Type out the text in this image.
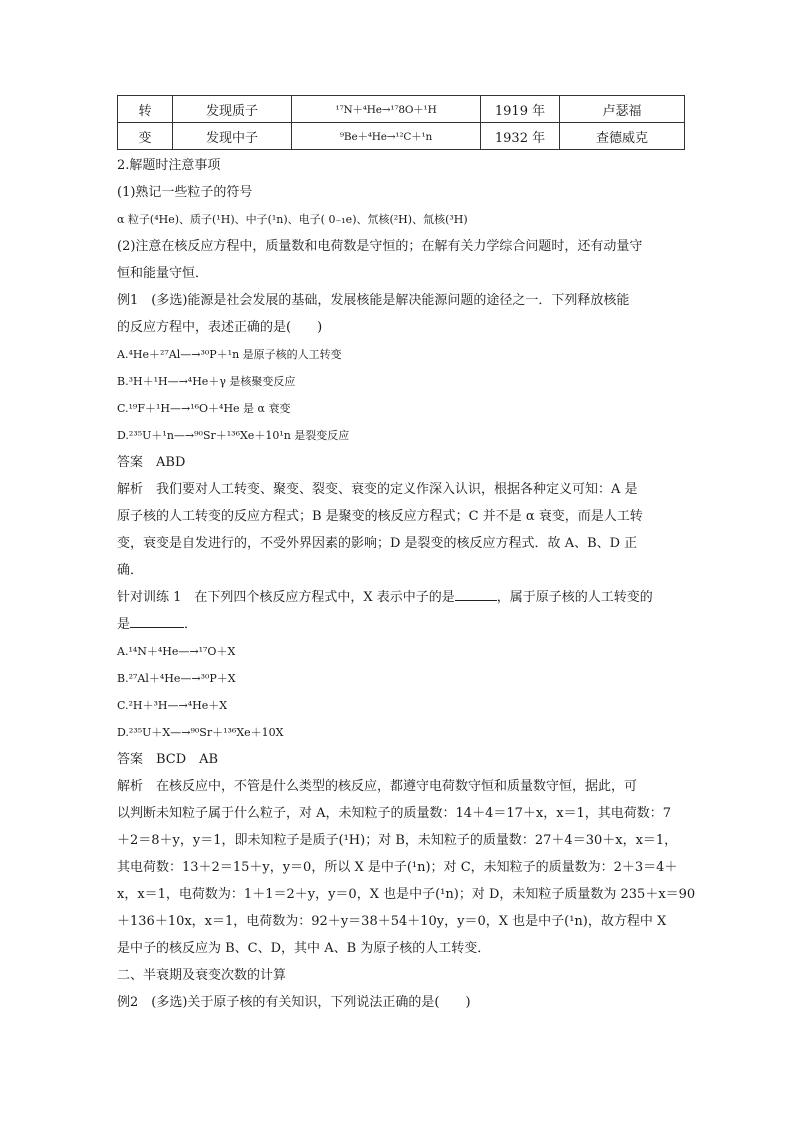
转	发现质子	¹⁷N＋⁴He→¹⁷8O＋¹H	1919 年	卢瑟福
变	发现中子	⁹Be＋⁴He→¹²C＋¹n	1932 年	查德威克

2.解题时注意事项

(1)熟记一些粒子的符号

α 粒子(⁴He)、质子(¹H)、中子(¹n)、电子( 0₋₁e)、氘核(²H)、氚核(³H)

(2)注意在核反应方程中，质量数和电荷数是守恒的；在解有关力学综合问题时，还有动量守

恒和能量守恒．

例1　(多选)能源是社会发展的基础，发展核能是解决能源问题的途径之一．下列释放核能

的反应方程中，表述正确的是(　　)

A.⁴He＋²⁷Al—→³⁰P＋¹n 是原子核的人工转变

B.³H＋¹H—→⁴He＋γ 是核聚变反应

C.¹⁹F＋¹H—→¹⁶O＋⁴He 是 α 衰变

D.²³⁵U＋¹n—→⁹⁰Sr＋¹³⁶Xe＋10¹n 是裂变反应

答案　ABD

解析　我们要对人工转变、聚变、裂变、衰变的定义作深入认识，根据各种定义可知：A 是

原子核的人工转变的反应方程式；B 是聚变的核反应方程式；C 并不是 α 衰变，而是人工转

变，衰变是自发进行的，不受外界因素的影响；D 是裂变的核反应方程式．故 A、B、D 正

确．

针对训练 1　在下列四个核反应方程式中，X 表示中子的是	，属于原子核的人工转变的

是	．

A.¹⁴N＋⁴He—→¹⁷O＋X

B.²⁷Al＋⁴He—→³⁰P＋X

C.²H＋³H—→⁴He＋X

D.²³⁵U＋X—→⁹⁰Sr＋¹³⁶Xe＋10X

答案　BCD　AB

解析　在核反应中，不管是什么类型的核反应，都遵守电荷数守恒和质量数守恒，据此，可

以判断未知粒子属于什么粒子，对 A，未知粒子的质量数：14＋4＝17＋x，x＝1，其电荷数：7

＋2＝8＋y，y＝1，即未知粒子是质子(¹H)；对 B，未知粒子的质量数：27＋4＝30＋x，x＝1，

其电荷数：13＋2＝15＋y，y＝0，所以 X 是中子(¹n)；对 C，未知粒子的质量数为：2＋3＝4＋

x，x＝1，电荷数为：1＋1＝2＋y，y＝0，X 也是中子(¹n)；对 D，未知粒子质量数为 235＋x＝90

＋136＋10x，x＝1，电荷数为：92＋y＝38＋54＋10y，y＝0，X 也是中子(¹n)，故方程中 X

是中子的核反应为 B、C、D，其中 A、B 为原子核的人工转变．

二、半衰期及衰变次数的计算

例2　(多选)关于原子核的有关知识，下列说法正确的是(　　)
